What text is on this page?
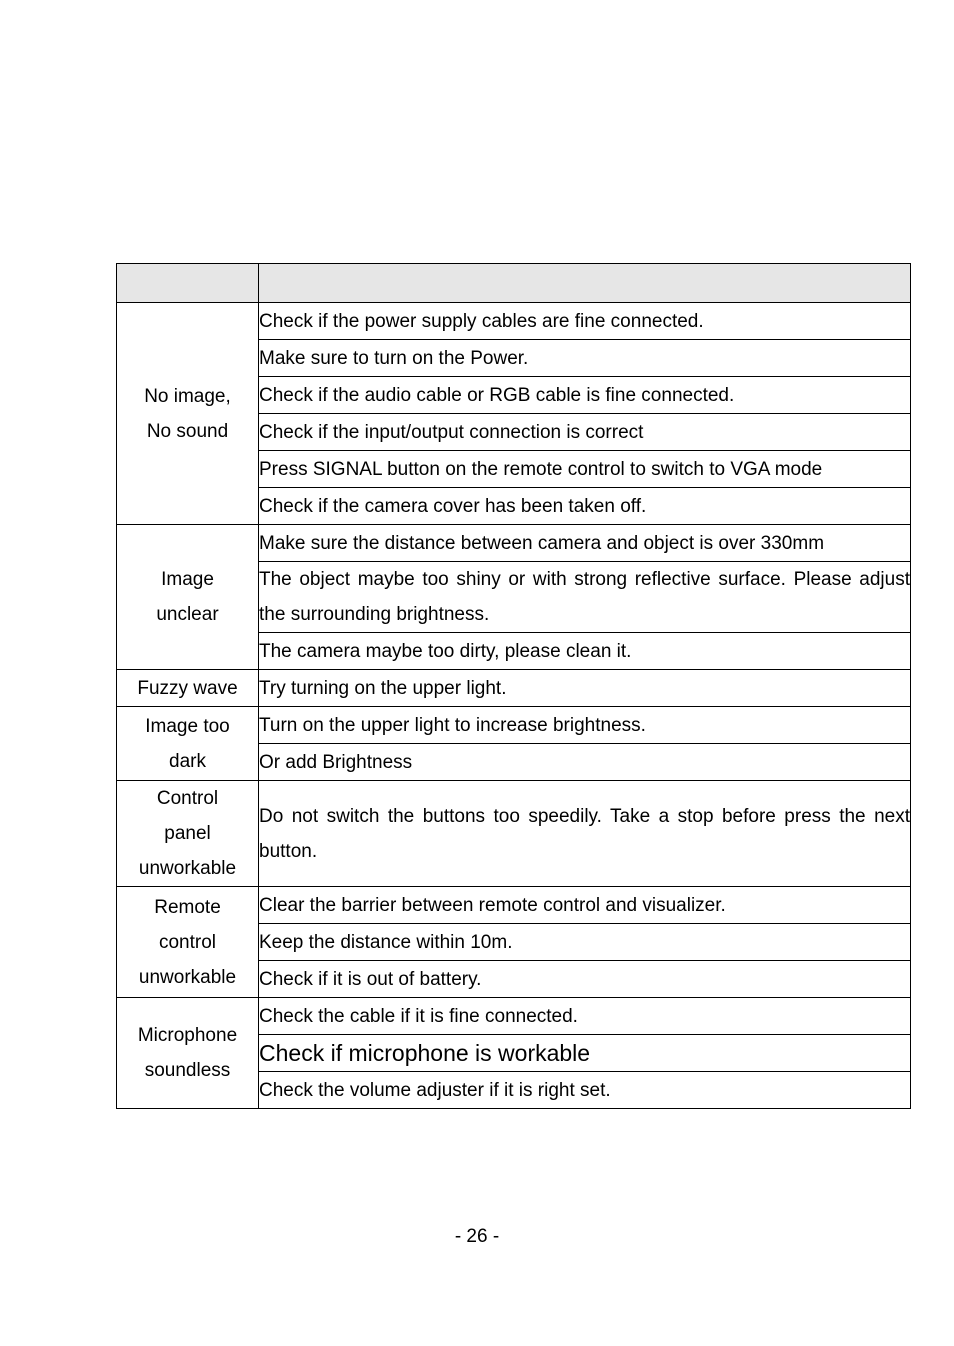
No image,
No sound	Check if the power supply cables are fine connected.
	Make sure to turn on the Power.
	Check if the audio cable or RGB cable is fine connected.
	Check if the input/output connection is correct
	Press SIGNAL button on the remote control to switch to VGA mode
	Check if the camera cover has been taken off.
Image
unclear	Make sure the distance between camera and object is over 330mm
	The object maybe too shiny or with strong reflective surface. Please adjust the surrounding brightness.
	The camera maybe too dirty, please clean it.
Fuzzy wave	Try turning on the upper light.
Image too
dark	Turn on the upper light to increase brightness.
	Or add Brightness
Control
panel
unworkable	Do not switch the buttons too speedily. Take a stop before press the next button.
Remote
control
unworkable	Clear the barrier between remote control and visualizer.
	Keep the distance within 10m.
	Check if it is out of battery.
Microphone
soundless	Check the cable if it is fine connected.
	Check if microphone is workable
	Check the volume adjuster if it is right set.
- 26 -
